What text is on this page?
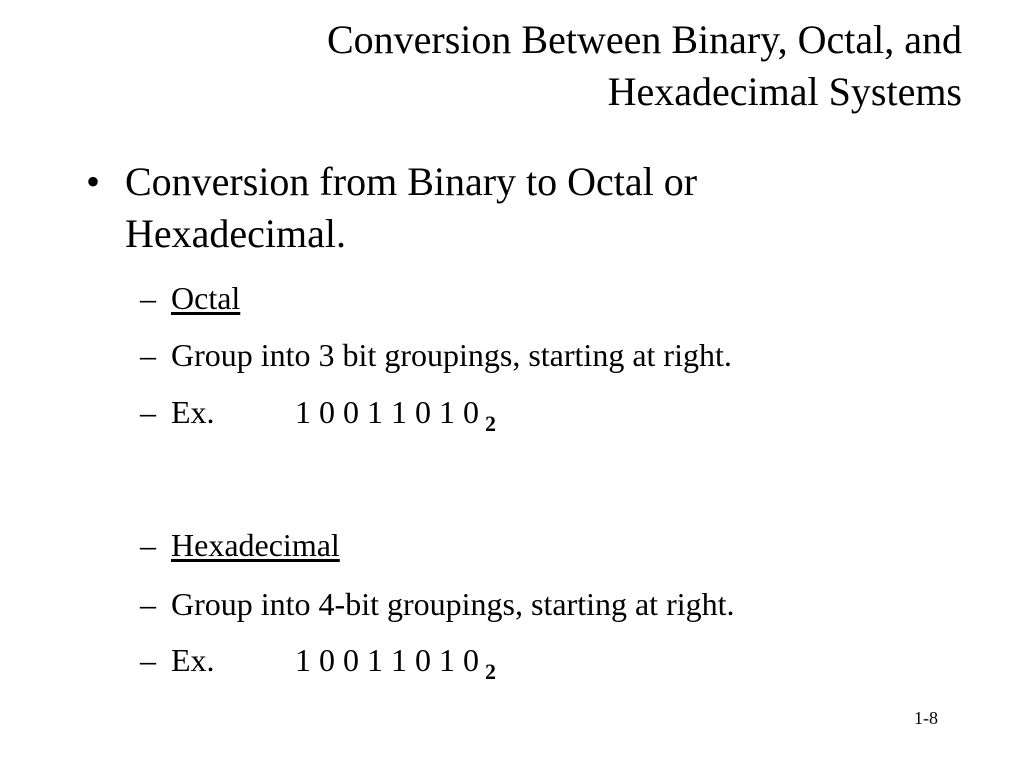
Conversion Between Binary, Octal, and
Hexadecimal Systems
• Conversion from Binary to Octal or
Hexadecimal.
– Octal
– Group into 3 bit groupings, starting at right.
– Ex.	1 0 0 1 1 0 1 0 $_2$
– Hexadecimal
– Group into 4-bit groupings, starting at right.
– Ex.	1 0 0 1 1 0 1 0 $_2$
1-8
